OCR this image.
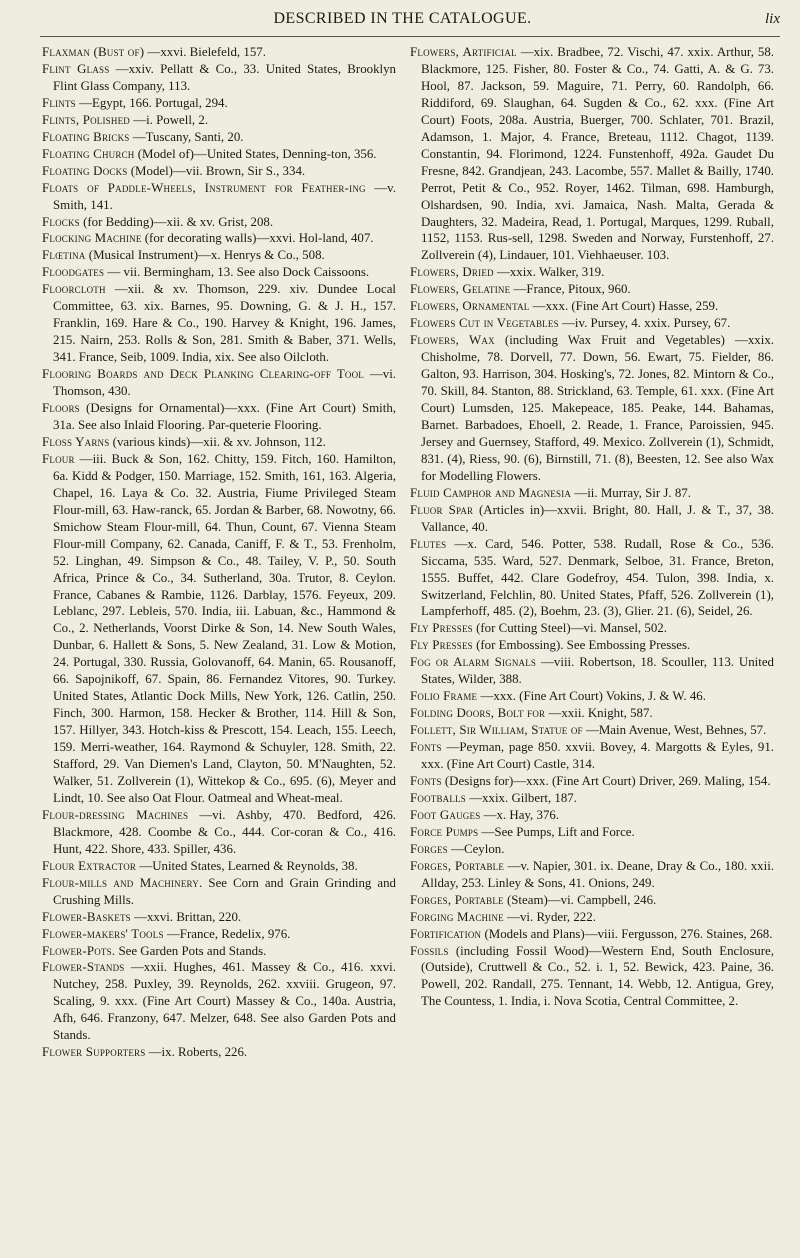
DESCRIBED IN THE CATALOGUE.	lix

Flaxman (Bust of) —xxvi. Bielefeld, 157.

Flint Glass —xxiv. Pellatt & Co., 33. United States, Brooklyn Flint Glass Company, 113.

Flints —Egypt, 166. Portugal, 294.

Flints, Polished —i. Powell, 2.

Floating Bricks —Tuscany, Santi, 20.

Floating Church (Model of)—United States, Denning-ton, 356.

Floating Docks (Model)—vii. Brown, Sir S., 334.

Floats of Paddle-Wheels, Instrument for Feather-ing —v. Smith, 141.

Flocks (for Bedding)—xii. & xv. Grist, 208.

Flocking Machine (for decorating walls)—xxvi. Hol-land, 407.

Flœtina (Musical Instrument)—x. Henrys & Co., 508.

Floodgates — vii. Bermingham, 13. See also Dock Caissoons.

Floorcloth —xii. & xv. Thomson, 229. xiv. Dundee Local Committee, 63. xix. Barnes, 95. Downing, G. & J. H., 157. Franklin, 169. Hare & Co., 190. Harvey & Knight, 196. James, 215. Nairn, 253. Rolls & Son, 281. Smith & Baber, 371. Wells, 341. France, Seib, 1009. India, xix. See also Oilcloth.

Flooring Boards and Deck Planking Clearing-off Tool —vi. Thomson, 430.

Floors (Designs for Ornamental)—xxx. (Fine Art Court) Smith, 31a. See also Inlaid Flooring. Par-queterie Flooring.

Floss Yarns (various kinds)—xii. & xv. Johnson, 112.

Flour —iii. Buck & Son, 162. Chitty, 159. Fitch, 160. Hamilton, 6a. Kidd & Podger, 150. Marriage, 152. Smith, 161, 163. Algeria, Chapel, 16. Laya & Co. 32. Austria, Fiume Privileged Steam Flour-mill, 63. Haw-ranck, 65. Jordan & Barber, 68. Nowotny, 66. Smichow Steam Flour-mill, 64. Thun, Count, 67. Vienna Steam Flour-mill Company, 62. Canada, Caniff, F. & T., 53. Frenholm, 52. Linghan, 49. Simpson & Co., 48. Tailey, V. P., 50. South Africa, Prince & Co., 34. Sutherland, 30a. Trutor, 8. Ceylon. France, Cabanes & Rambie, 1126. Darblay, 1576. Feyeux, 209. Leblanc, 297. Lebleis, 570. India, iii. Labuan, &c., Hammond & Co., 2. Netherlands, Voorst Dirke & Son, 14. New South Wales, Dunbar, 6. Hallett & Sons, 5. New Zealand, 31. Low & Motion, 24. Portugal, 330. Russia, Golovanoff, 64. Manin, 65. Rousanoff, 66. Sapojnikoff, 67. Spain, 86. Fernandez Vitores, 90. Turkey. United States, Atlantic Dock Mills, New York, 126. Catlin, 250. Finch, 300. Harmon, 158. Hecker & Brother, 114. Hill & Son, 157. Hillyer, 343. Hotch-kiss & Prescott, 154. Leach, 155. Leech, 159. Merri-weather, 164. Raymond & Schuyler, 128. Smith, 22. Stafford, 29. Van Diemen's Land, Clayton, 50. M'Naughten, 52. Walker, 51. Zollverein (1), Wittekop & Co., 695. (6), Meyer and Lindt, 10. See also Oat Flour. Oatmeal and Wheat-meal.

Flour-dressing Machines —vi. Ashby, 470. Bedford, 426. Blackmore, 428. Coombe & Co., 444. Cor-coran & Co., 416. Hunt, 422. Shore, 433. Spiller, 436.

Flour Extractor —United States, Learned & Reynolds, 38.

Flour-mills and Machinery. See Corn and Grain Grinding and Crushing Mills.

Flower-Baskets —xxvi. Brittan, 220.

Flower-makers' Tools —France, Redelix, 976.

Flower-Pots. See Garden Pots and Stands.

Flower-Stands —xxii. Hughes, 461. Massey & Co., 416. xxvi. Nutchey, 258. Puxley, 39. Reynolds, 262. xxviii. Grugeon, 97. Scaling, 9. xxx. (Fine Art Court) Massey & Co., 140a. Austria, Afh, 646. Franzony, 647. Melzer, 648. See also Garden Pots and Stands.

Flower Supporters —ix. Roberts, 226.

Flowers, Artificial —xix. Bradbee, 72. Vischi, 47. xxix. Arthur, 58. Blackmore, 125. Fisher, 80. Foster & Co., 74. Gatti, A. & G. 73. Hool, 87. Jackson, 59. Maguire, 71. Perry, 60. Randolph, 66. Riddiford, 69. Slaughan, 64. Sugden & Co., 62. xxx. (Fine Art Court) Foots, 208a. Austria, Buerger, 700. Schlater, 701. Brazil, Adamson, 1. Major, 4. France, Breteau, 1112. Chagot, 1139. Constantin, 94. Florimond, 1224. Funstenhoff, 492a. Gaudet Du Fresne, 842. Grandjean, 243. Lacombe, 557. Mallet & Bailly, 1740. Perrot, Petit & Co., 952. Royer, 1462. Tilman, 698. Hamburgh, Olshardsen, 90. India, xvi. Jamaica, Nash. Malta, Gerada & Daughters, 32. Madeira, Read, 1. Portugal, Marques, 1299. Ruball, 1152, 1153. Rus-sell, 1298. Sweden and Norway, Furstenhoff, 27. Zollverein (4), Lindauer, 101. Viehhaeuser. 103.

Flowers, Dried —xxix. Walker, 319.

Flowers, Gelatine —France, Pitoux, 960.

Flowers, Ornamental —xxx. (Fine Art Court) Hasse, 259.

Flowers Cut in Vegetables —iv. Pursey, 4. xxix. Pursey, 67.

Flowers, Wax (including Wax Fruit and Vegetables) —xxix. Chisholme, 78. Dorvell, 77. Down, 56. Ewart, 75. Fielder, 86. Galton, 93. Harrison, 304. Hosking's, 72. Jones, 82. Mintorn & Co., 70. Skill, 84. Stanton, 88. Strickland, 63. Temple, 61. xxx. (Fine Art Court) Lumsden, 125. Makepeace, 185. Peake, 144. Bahamas, Barnet. Barbadoes, Ehoell, 2. Reade, 1. France, Paroissien, 945. Jersey and Guernsey, Stafford, 49. Mexico. Zollverein (1), Schmidt, 831. (4), Riess, 90. (6), Birnstill, 71. (8), Beesten, 12. See also Wax for Modelling Flowers.

Fluid Camphor and Magnesia —ii. Murray, Sir J. 87.

Fluor Spar (Articles in)—xxvii. Bright, 80. Hall, J. & T., 37, 38. Vallance, 40.

Flutes —x. Card, 546. Potter, 538. Rudall, Rose & Co., 536. Siccama, 535. Ward, 527. Denmark, Selboe, 31. France, Breton, 1555. Buffet, 442. Clare Godefroy, 454. Tulon, 398. India, x. Switzerland, Felchlin, 80. United States, Pfaff, 526. Zollverein (1), Lampferhoff, 485. (2), Boehm, 23. (3), Glier. 21. (6), Seidel, 26.

Fly Presses (for Cutting Steel)—vi. Mansel, 502.

Fly Presses (for Embossing). See Embossing Presses.

Fog or Alarm Signals —viii. Robertson, 18. Scouller, 113. United States, Wilder, 388.

Folio Frame —xxx. (Fine Art Court) Vokins, J. & W. 46.

Folding Doors, Bolt for —xxii. Knight, 587.

Follett, Sir William, Statue of —Main Avenue, West, Behnes, 57.

Fonts —Peyman, page 850. xxvii. Bovey, 4. Margotts & Eyles, 91. xxx. (Fine Art Court) Castle, 314.

Fonts (Designs for)—xxx. (Fine Art Court) Driver, 269. Maling, 154.

Footballs —xxix. Gilbert, 187.

Foot Gauges —x. Hay, 376.

Force Pumps —See Pumps, Lift and Force.

Forges —Ceylon.

Forges, Portable —v. Napier, 301. ix. Deane, Dray & Co., 180. xxii. Allday, 253. Linley & Sons, 41. Onions, 249.

Forges, Portable (Steam)—vi. Campbell, 246.

Forging Machine —vi. Ryder, 222.

Fortification (Models and Plans)—viii. Fergusson, 276. Staines, 268.

Fossils (including Fossil Wood)—Western End, South Enclosure, (Outside), Cruttwell & Co., 52. i. 1, 52. Bewick, 423. Paine, 36. Powell, 202. Randall, 275. Tennant, 14. Webb, 12. Antigua, Grey, The Countess, 1. India, i. Nova Scotia, Central Committee, 2.
